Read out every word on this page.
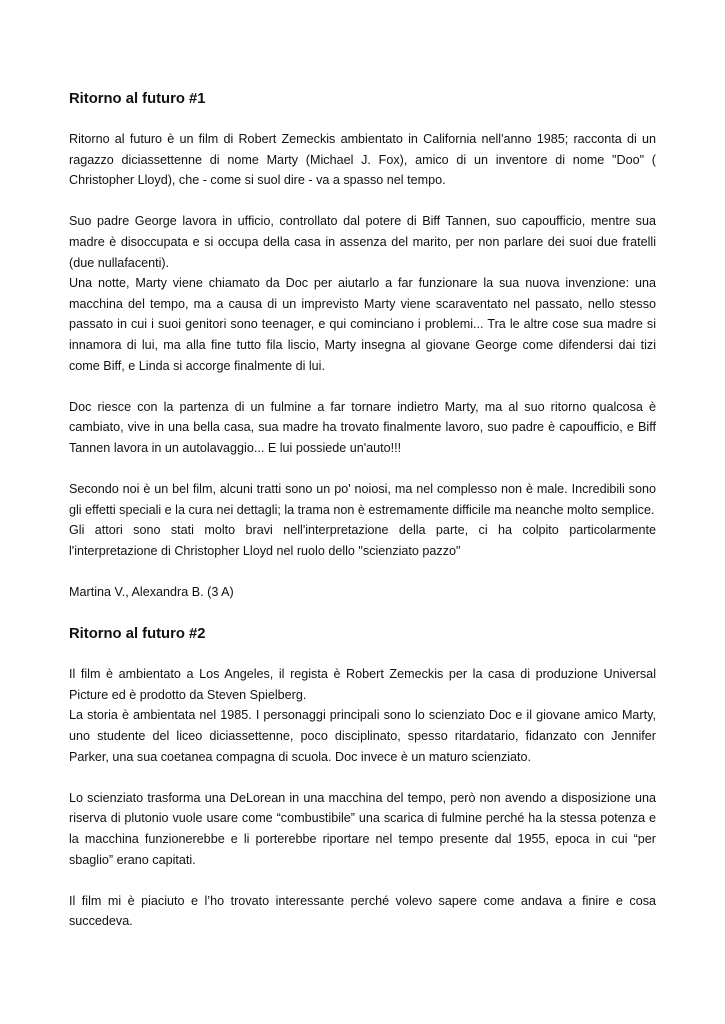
Ritorno al futuro #1

Ritorno al futuro è un film di Robert Zemeckis ambientato in California nell'anno 1985; racconta di un ragazzo diciassettenne di nome Marty (Michael J. Fox), amico di un inventore di nome "Doo" ( Christopher Lloyd), che - come si suol dire - va a spasso nel tempo.

Suo padre George lavora in ufficio, controllato dal potere di Biff Tannen, suo capoufficio, mentre sua madre è disoccupata e si occupa della casa in assenza del marito, per non parlare dei suoi due fratelli (due nullafacenti).

Una notte, Marty viene chiamato da Doc per aiutarlo a far funzionare la sua nuova invenzione: una macchina del tempo, ma a causa di un imprevisto Marty viene scaraventato nel passato, nello stesso passato in cui i suoi genitori sono teenager, e qui cominciano i problemi... Tra le altre cose sua madre si innamora di lui, ma alla fine tutto fila liscio, Marty insegna al giovane George come difendersi dai tizi come Biff, e Linda si accorge finalmente di lui.

Doc riesce con la partenza di un fulmine a far tornare indietro Marty, ma al suo ritorno qualcosa è cambiato, vive in una bella casa, sua madre ha trovato finalmente lavoro, suo padre è capoufficio, e Biff Tannen lavora in un autolavaggio... E lui possiede un'auto!!!

Secondo noi è un bel film, alcuni tratti sono un po' noiosi, ma nel complesso non è male. Incredibili sono gli effetti speciali e la cura nei dettagli; la trama non è estremamente difficile ma neanche molto semplice.

Gli attori sono stati molto bravi nell'interpretazione della parte, ci ha colpito particolarmente l'interpretazione di Christopher Lloyd nel ruolo dello "scienziato pazzo"

Martina V., Alexandra B. (3 A)

Ritorno al futuro #2

Il film è ambientato a Los Angeles, il regista è Robert Zemeckis per la casa di produzione Universal Picture ed è prodotto da Steven Spielberg.

La storia è ambientata nel 1985. I personaggi principali sono lo scienziato Doc e il giovane amico Marty, uno studente del liceo diciassettenne, poco disciplinato, spesso ritardatario, fidanzato con Jennifer Parker, una sua coetanea compagna di scuola. Doc invece è un maturo scienziato.

Lo scienziato trasforma una DeLorean in una macchina del tempo, però non avendo a disposizione una riserva di plutonio vuole usare come “combustibile” una scarica di fulmine perché ha la stessa potenza e la macchina funzionerebbe e li porterebbe riportare nel tempo presente dal 1955, epoca in cui “per sbaglio” erano capitati.

Il film mi è piaciuto e l’ho trovato interessante perché volevo sapere come andava a finire e cosa succedeva.
